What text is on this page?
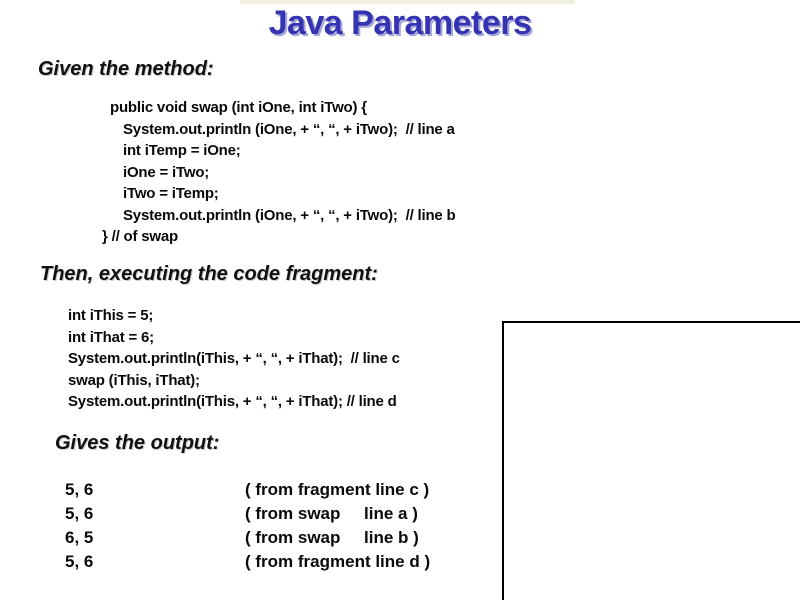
Java Parameters
Given the method:
public void swap (int iOne, int iTwo) {
System.out.println (iOne, + “, “, + iTwo);  // line a
int iTemp = iOne;
iOne = iTwo;
iTwo = iTemp;
System.out.println (iOne, + “, “, + iTwo);  // line b
} // of swap
Then, executing the code fragment:
int iThis = 5;
int iThat = 6;
System.out.println(iThis, + “, “, + iThat);  // line c
swap (iThis, iThat);
System.out.println(iThis, + “, “, + iThat); // line d
Gives the output:
5, 6	( from fragment line c )
5, 6	( from swap     line a )
6, 5	( from swap     line b )
5, 6	( from fragment line d )
